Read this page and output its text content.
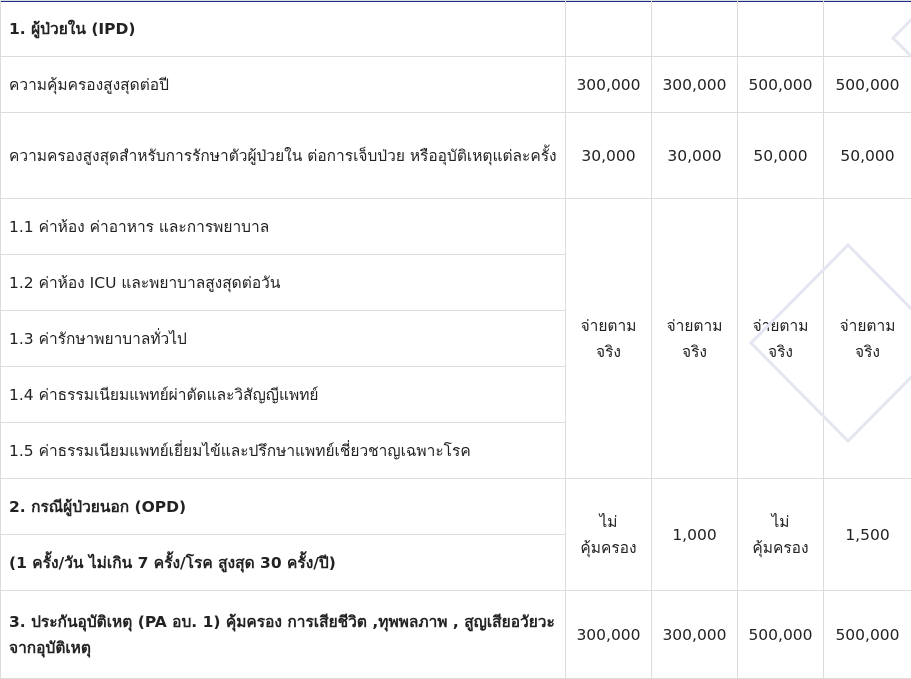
1. ผู้ป่วยใน (IPD)				
ความคุ้มครองสูงสุดต่อปี	300,000	300,000	500,000	500,000
ความครองสูงสุดสำหรับการรักษาตัวผู้ป่วยใน ต่อการเจ็บป่วย หรืออุบัติเหตุแต่ละครั้ง	30,000	30,000	50,000	50,000
1.1 ค่าห้อง ค่าอาหาร และการพยาบาล	จ่ายตามจริง	จ่ายตามจริง	จ่ายตามจริง	จ่ายตามจริง
1.2 ค่าห้อง ICU และพยาบาลสูงสุดต่อวัน				
1.3 ค่ารักษาพยาบาลทั่วไป				
1.4 ค่าธรรมเนียมแพทย์ผ่าตัดและวิสัญญีแพทย์				
1.5 ค่าธรรมเนียมแพทย์เยี่ยมไข้และปรึกษาแพทย์เชี่ยวชาญเฉพาะโรค				
2. กรณีผู้ป่วยนอก (OPD)	ไม่คุ้มครอง	1,000	ไม่คุ้มครอง	1,500
(1 ครั้ง/วัน ไม่เกิน 7 ครั้ง/โรค สูงสุด 30 ครั้ง/ปี)				
3. ประกันอุบัติเหตุ (PA อบ. 1) คุ้มครอง การเสียชีวิต ,ทุพพลภาพ , สูญเสียอวัยวะ จากอุบัติเหตุ	300,000	300,000	500,000	500,000
